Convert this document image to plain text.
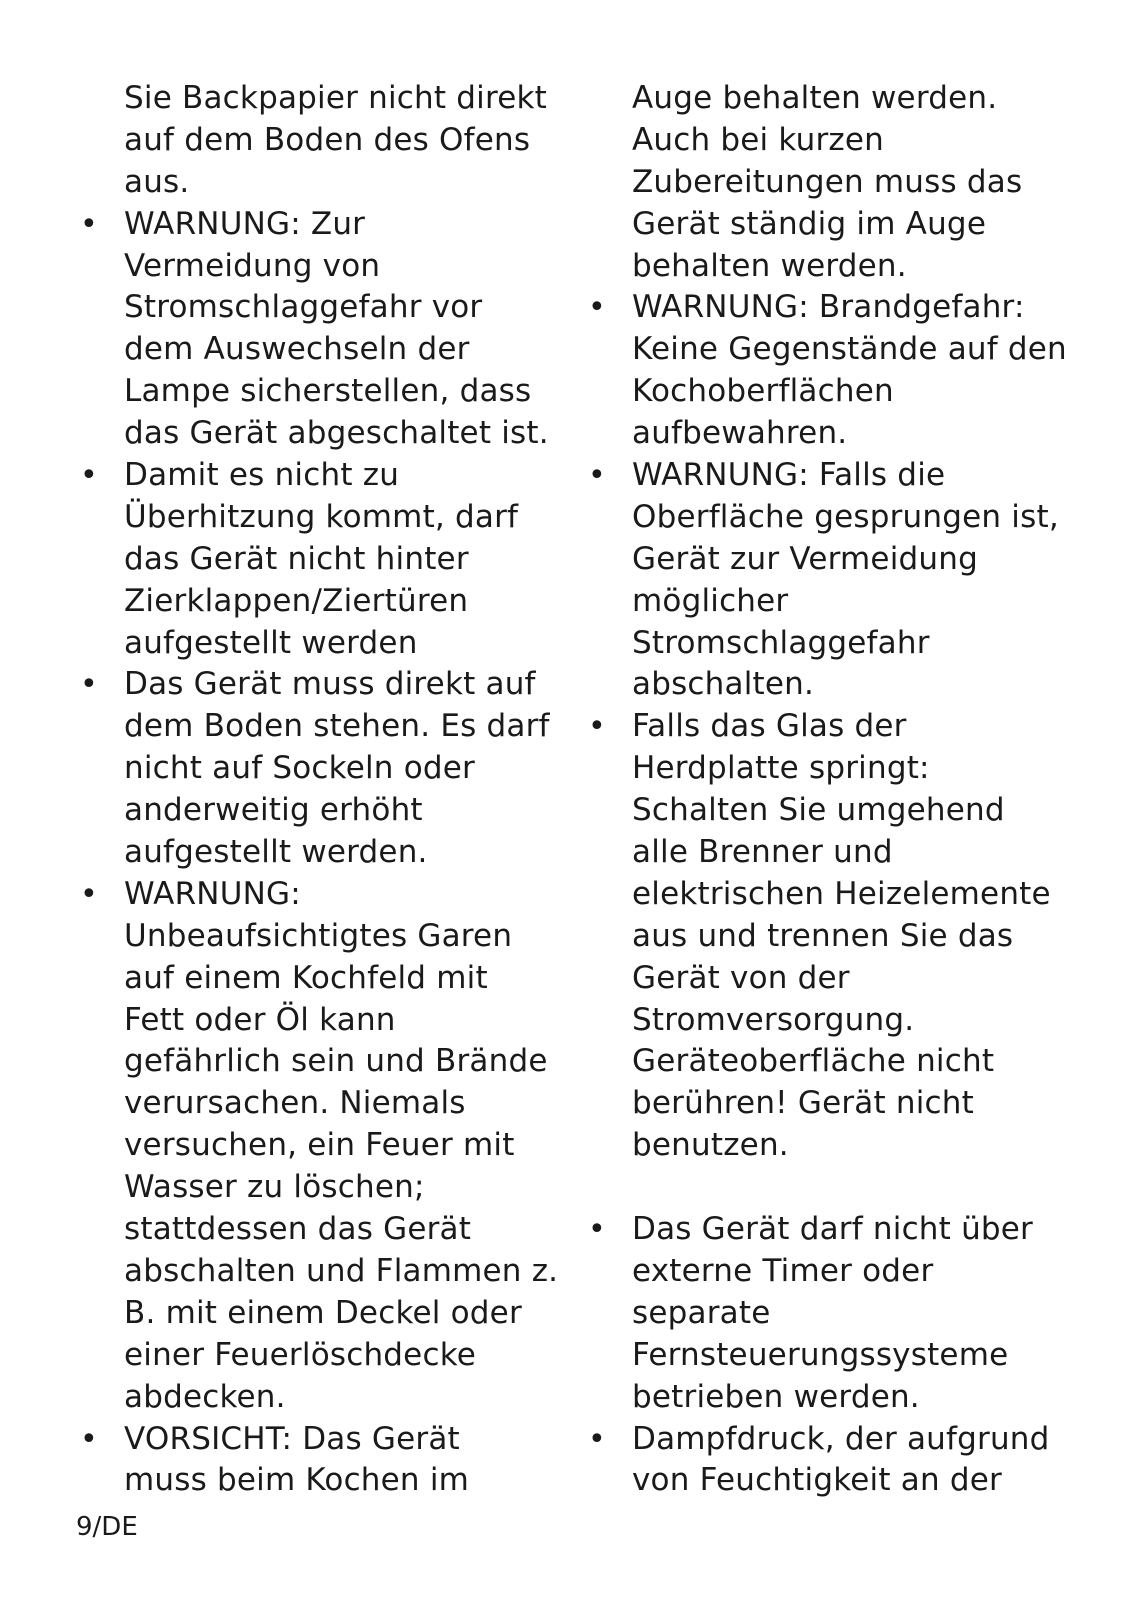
Sie Backpapier nicht direkt
auf dem Boden des Ofens
aus.
• WARNUNG: Zur
Vermeidung von
Stromschlaggefahr vor
dem Auswechseln der
Lampe sicherstellen, dass
das Gerät abgeschaltet ist.
• Damit es nicht zu
Überhitzung kommt, darf
das Gerät nicht hinter
Zierklappen/Ziertüren
aufgestellt werden
• Das Gerät muss direkt auf
dem Boden stehen. Es darf
nicht auf Sockeln oder
anderweitig erhöht
aufgestellt werden.
• WARNUNG:
Unbeaufsichtigtes Garen
auf einem Kochfeld mit
Fett oder Öl kann
gefährlich sein und Brände
verursachen. Niemals
versuchen, ein Feuer mit
Wasser zu löschen;
stattdessen das Gerät
abschalten und Flammen z.
B. mit einem Deckel oder
einer Feuerlöschdecke
abdecken.
• VORSICHT: Das Gerät
muss beim Kochen im
Auge behalten werden.
Auch bei kurzen
Zubereitungen muss das
Gerät ständig im Auge
behalten werden.
• WARNUNG: Brandgefahr:
Keine Gegenstände auf den
Kochoberflächen
aufbewahren.
• WARNUNG: Falls die
Oberfläche gesprungen ist,
Gerät zur Vermeidung
möglicher
Stromschlaggefahr
abschalten.
• Falls das Glas der
Herdplatte springt:
Schalten Sie umgehend
alle Brenner und
elektrischen Heizelemente
aus und trennen Sie das
Gerät von der
Stromversorgung.
Geräteoberfläche nicht
berühren! Gerät nicht
benutzen.
• Das Gerät darf nicht über
externe Timer oder
separate
Fernsteuerungssysteme
betrieben werden.
• Dampfdruck, der aufgrund
von Feuchtigkeit an der
9/DE
